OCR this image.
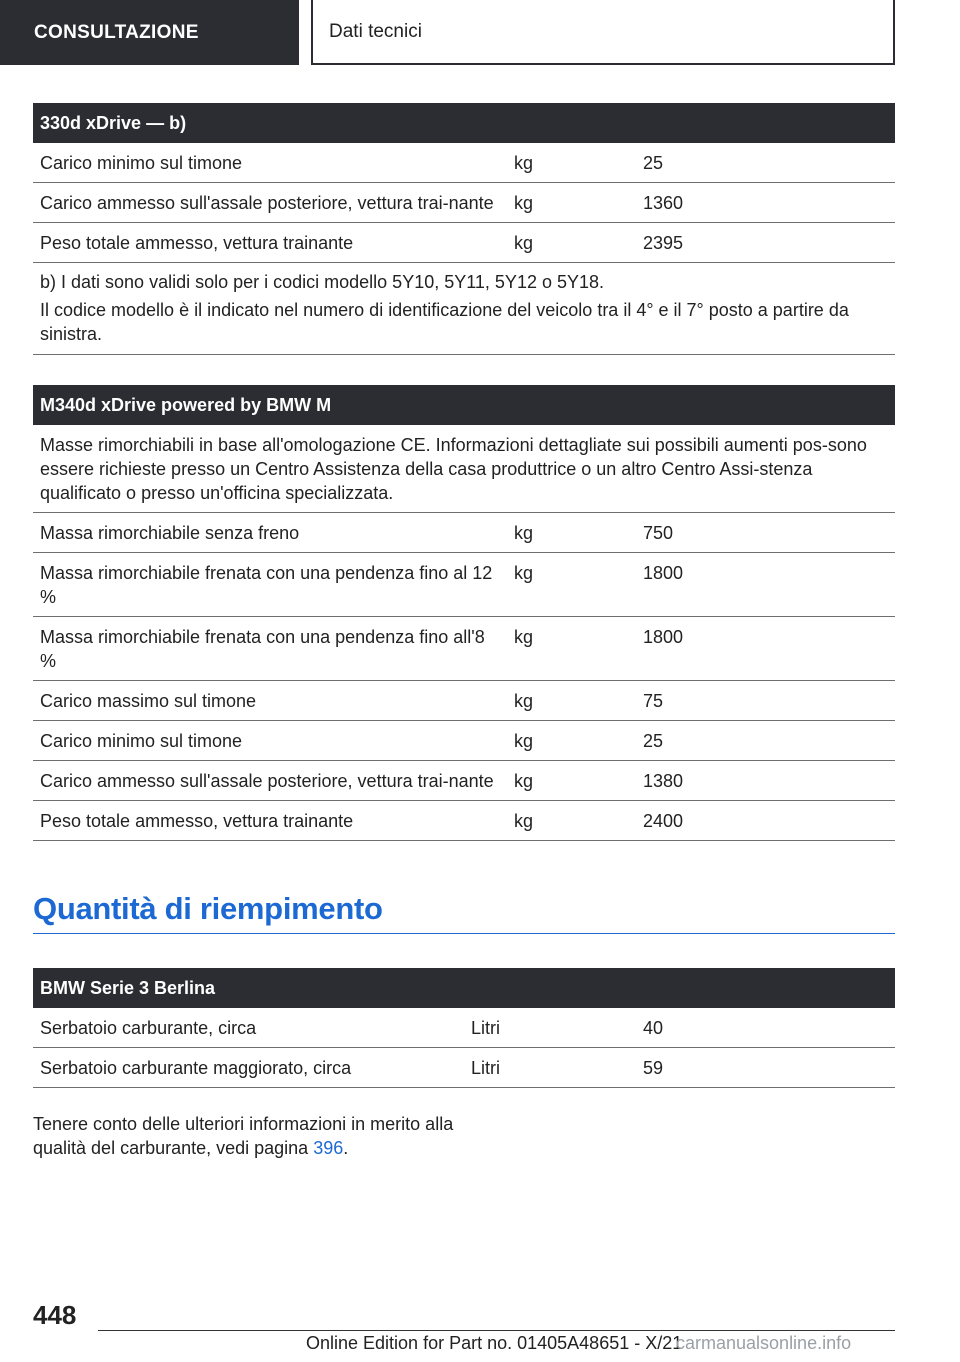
CONSULTAZIONE	Dati tecnici
330d xDrive — b)		
Carico minimo sul timone	kg	25
Carico ammesso sull'assale posteriore, vettura trai-nante	kg	1360
Peso totale ammesso, vettura trainante	kg	2395

b) I dati sono validi solo per i codici modello 5Y10, 5Y11, 5Y12 o 5Y18.

Il codice modello è il indicato nel numero di identificazione del veicolo tra il 4° e il 7° posto a partire da sinistra.		

M340d xDrive powered by BMW M		
Masse rimorchiabili in base all'omologazione CE. Informazioni dettagliate sui possibili aumenti pos-sono essere richieste presso un Centro Assistenza della casa produttrice o un altro Centro Assi-stenza qualificato o presso un'officina specializzata.		
Massa rimorchiabile senza freno	kg	750
Massa rimorchiabile frenata con una pendenza fino al 12 %	kg	1800
Massa rimorchiabile frenata con una pendenza fino all'8 %	kg	1800
Carico massimo sul timone	kg	75
Carico minimo sul timone	kg	25
Carico ammesso sull'assale posteriore, vettura trai-nante	kg	1380
Peso totale ammesso, vettura trainante	kg	2400
Quantità di riempimento
BMW Serie 3 Berlina		
Serbatoio carburante, circa	Litri	40
Serbatoio carburante maggiorato, circa	Litri	59
Tenere conto delle ulteriori informazioni in merito alla qualità del carburante, vedi pagina 396.
448
Online Edition for Part no. 01405A48651 - X/21
carmanualsonline.info
